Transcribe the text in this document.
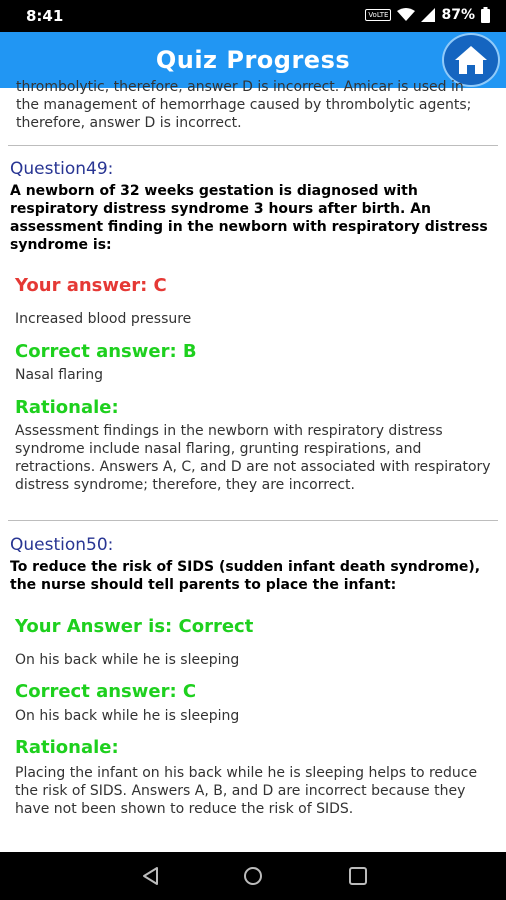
8:41	VoLTE	87%
Quiz Progress
thrombolytic, therefore, answer D is incorrect. Amicar is used in the management of hemorrhage caused by thrombolytic agents; therefore, answer D is incorrect.
Question49:
A newborn of 32 weeks gestation is diagnosed with respiratory distress syndrome 3 hours after birth. An assessment finding in the newborn with respiratory distress syndrome is:
Your answer: C
Increased blood pressure
Correct answer: B
Nasal flaring
Rationale:
Assessment findings in the newborn with respiratory distress syndrome include nasal flaring, grunting respirations, and retractions. Answers A, C, and D are not associated with respiratory distress syndrome; therefore, they are incorrect.
Question50:
To reduce the risk of SIDS (sudden infant death syndrome), the nurse should tell parents to place the infant:
Your Answer is: Correct
On his back while he is sleeping
Correct answer: C
On his back while he is sleeping
Rationale:
Placing the infant on his back while he is sleeping helps to reduce the risk of SIDS. Answers A, B, and D are incorrect because they have not been shown to reduce the risk of SIDS.
